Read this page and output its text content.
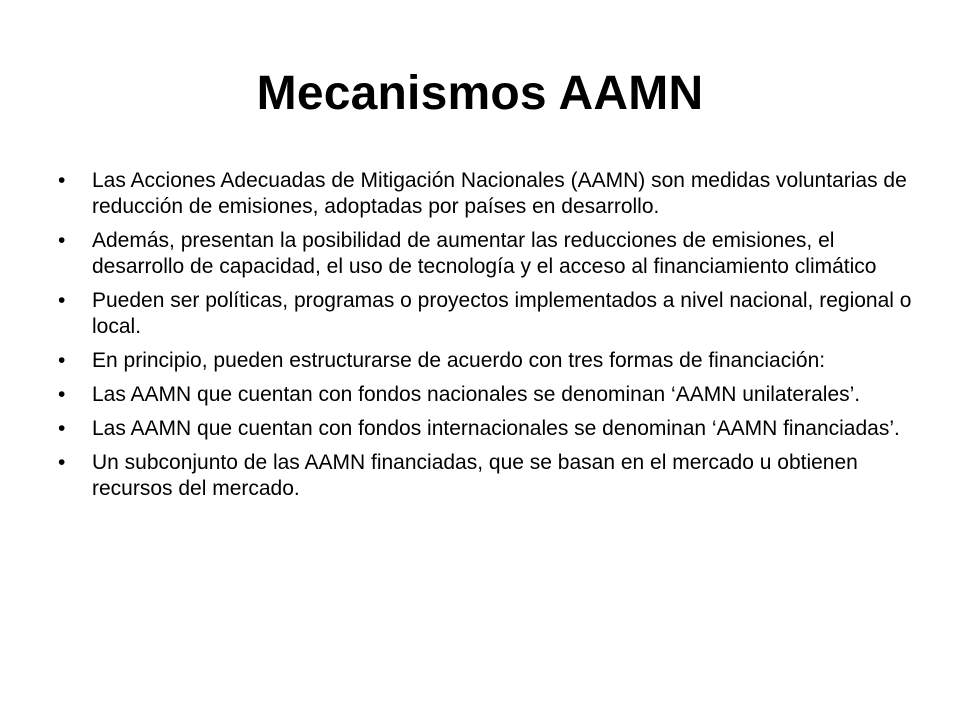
Mecanismos AAMN
•	Las Acciones Adecuadas de Mitigación Nacionales (AAMN) son medidas voluntarias de reducción de emisiones, adoptadas por países en desarrollo.
•	Además, presentan la posibilidad de aumentar las reducciones de emisiones, el desarrollo de capacidad, el uso de tecnología y el acceso al financiamiento climático
•	Pueden ser políticas, programas o proyectos implementados a nivel nacional, regional o local.
•	En principio, pueden estructurarse de acuerdo con tres formas de financiación:
•	Las AAMN que cuentan con fondos nacionales se denominan ‘AAMN unilaterales’.
•	Las AAMN que cuentan con fondos internacionales se denominan ‘AAMN financiadas’.
•	Un subconjunto de las AAMN financiadas, que se basan en el mercado u obtienen recursos del mercado.
